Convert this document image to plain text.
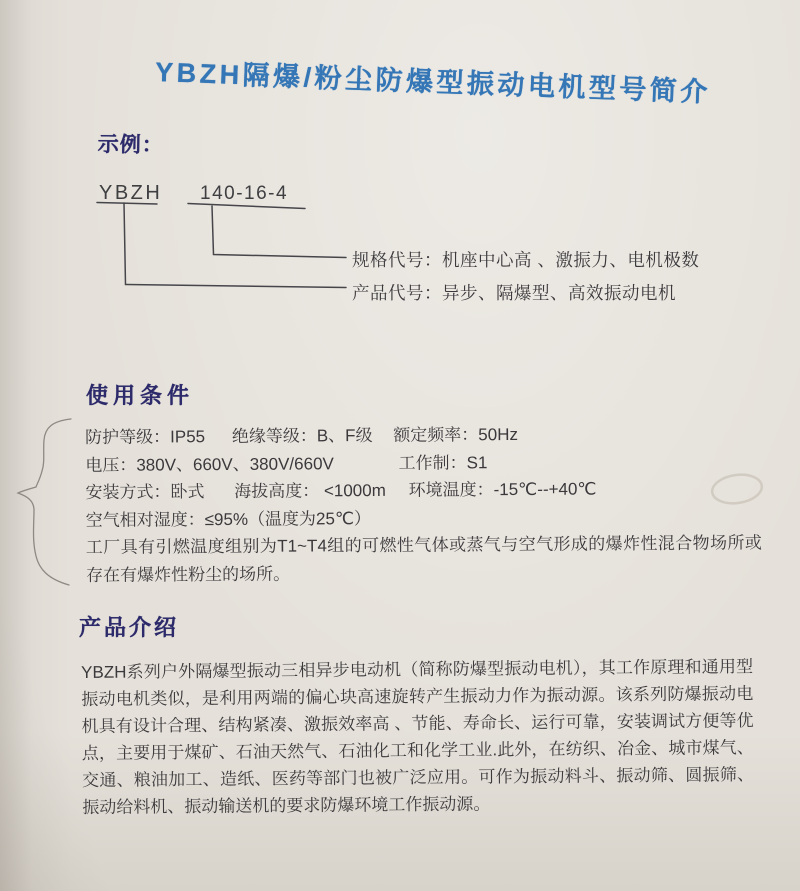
YBZH隔爆/粉尘防爆型振动电机型号简介
示例：
YBZH 140-16-4
规格代号：机座中心高 、激振力、电机极数
产品代号：异步、隔爆型、高效振动电机
使用条件
防护等级：IP55 绝缘等级：B、F级 额定频率：50Hz
电压：380V、660V、380V/660V	工作制：S1
安装方式：卧式 海拔高度： <1000m 环境温度：-15℃--+40℃
空气相对湿度：≤95%（温度为25℃）

工厂具有引燃温度组别为T1~T4组的可燃性气体或蒸气与空气形成的爆炸性混合物场所或存在有爆炸性粉尘的场所。

产品介绍

YBZH系列户外隔爆型振动三相异步电动机（简称防爆型振动电机），其工作原理和通用型振动电机类似，是利用两端的偏心块高速旋转产生振动力作为振动源。该系列防爆振动电机具有设计合理、结构紧凑、激振效率高 、节能、寿命长、运行可靠，安装调试方便等优点，主要用于煤矿、石油天然气、石油化工和化学工业.此外，在纺织、冶金、城市煤气、交通、粮油加工、造纸、医药等部门也被广泛应用。可作为振动料斗、振动筛、圆振筛、振动给料机、振动输送机的要求防爆环境工作振动源。
